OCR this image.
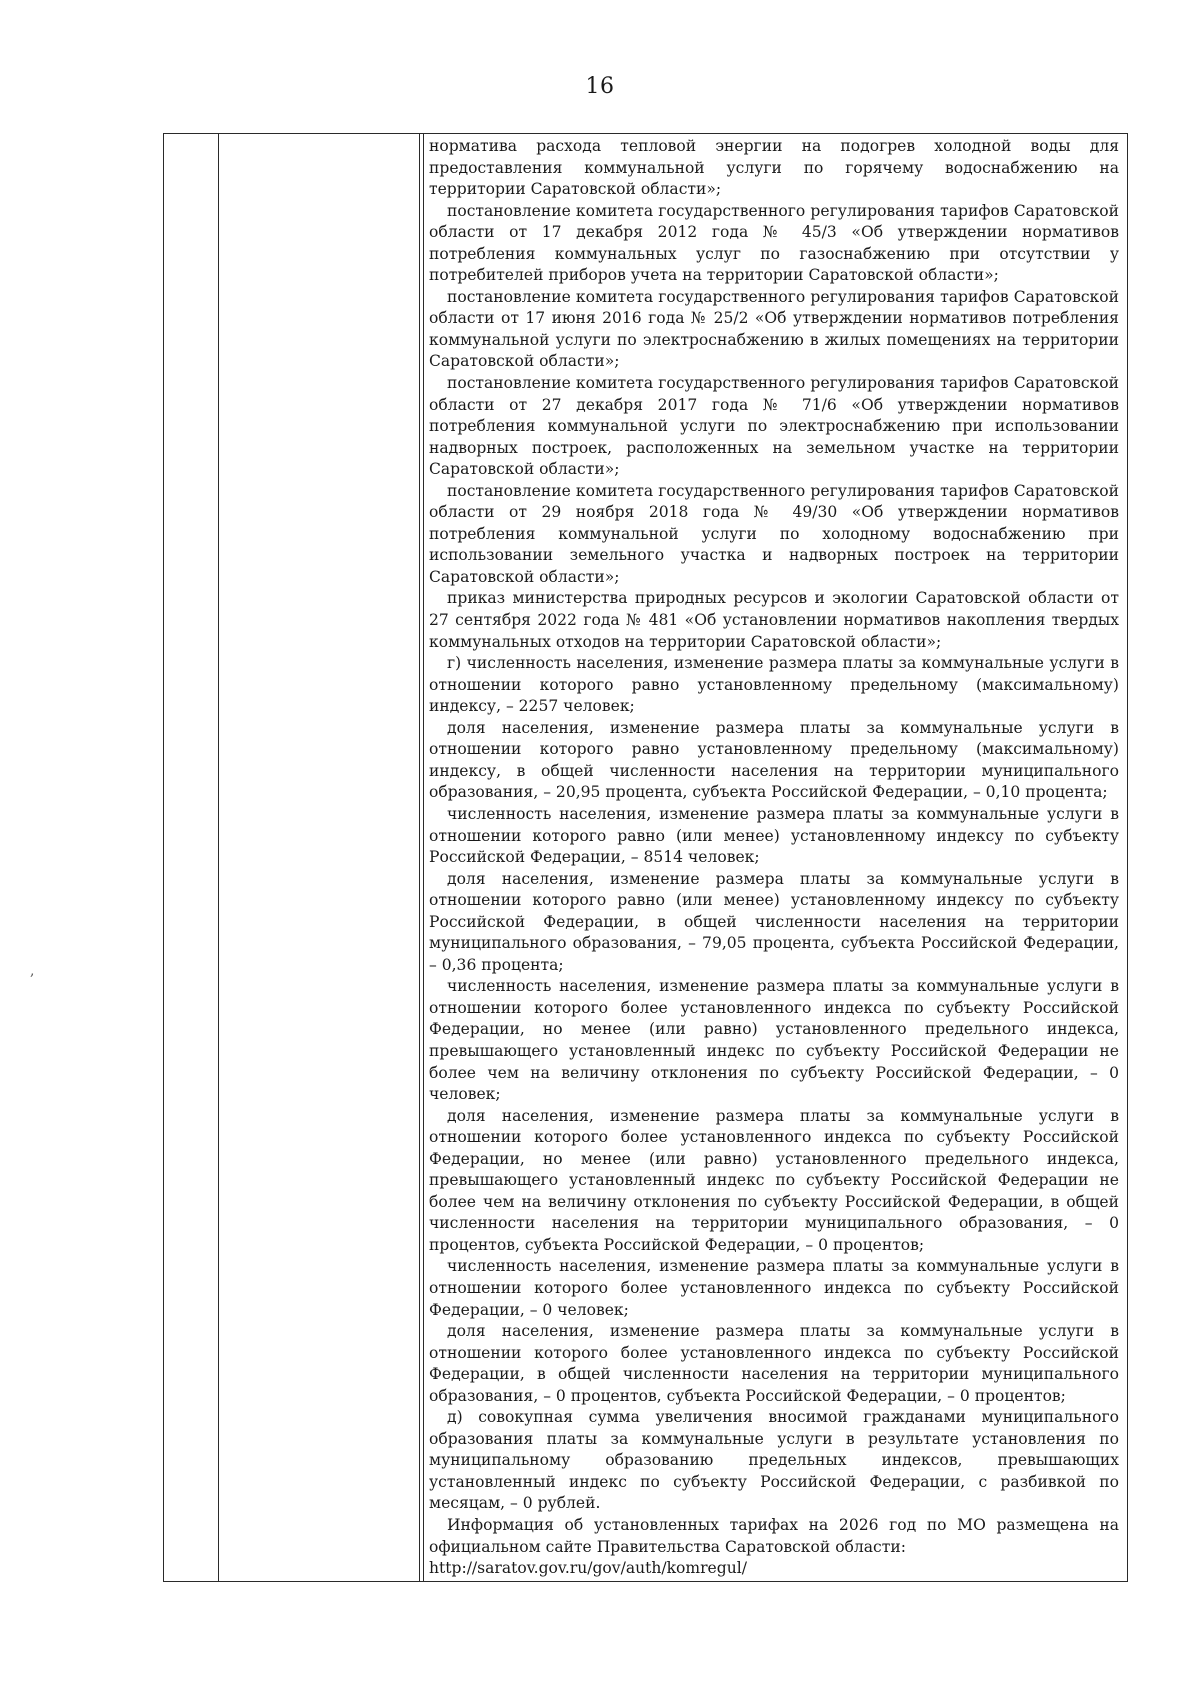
16

норматива расхода тепловой энергии на подогрев холодной воды для предоставления коммунальной услуги по горячему водоснабжению на территории Саратовской области»;

постановление комитета государственного регулирования тарифов Саратовской области от 17 декабря 2012 года № 45/3 «Об утверждении нормативов потребления коммунальных услуг по газоснабжению при отсутствии у потребителей приборов учета на территории Саратовской области»;

постановление комитета государственного регулирования тарифов Саратовской области от 17 июня 2016 года № 25/2 «Об утверждении нормативов потребления коммунальной услуги по электроснабжению в жилых помещениях на территории Саратовской области»;

постановление комитета государственного регулирования тарифов Саратовской области от 27 декабря 2017 года № 71/6 «Об утверждении нормативов потребления коммунальной услуги по электроснабжению при использовании надворных построек, расположенных на земельном участке на территории Саратовской области»;

постановление комитета государственного регулирования тарифов Саратовской области от 29 ноября 2018 года № 49/30 «Об утверждении нормативов потребления коммунальной услуги по холодному водоснабжению при использовании земельного участка и надворных построек на территории Саратовской области»;

приказ министерства природных ресурсов и экологии Саратовской области от 27 сентября 2022 года № 481 «Об установлении нормативов накопления твердых коммунальных отходов на территории Саратовской области»;

г) численность населения, изменение размера платы за коммунальные услуги в отношении которого равно установленному предельному (максимальному) индексу, – 2257 человек;

доля населения, изменение размера платы за коммунальные услуги в отношении которого равно установленному предельному (максимальному) индексу, в общей численности населения на территории муниципального образования, – 20,95 процента, субъекта Российской Федерации, – 0,10 процента;

численность населения, изменение размера платы за коммунальные услуги в отношении которого равно (или менее) установленному индексу по субъекту Российской Федерации, – 8514 человек;

доля населения, изменение размера платы за коммунальные услуги в отношении которого равно (или менее) установленному индексу по субъекту Российской Федерации, в общей численности населения на территории муниципального образования, – 79,05 процента, субъекта Российской Федерации, – 0,36 процента;

численность населения, изменение размера платы за коммунальные услуги в отношении которого более установленного индекса по субъекту Российской Федерации, но менее (или равно) установленного предельного индекса, превышающего установленный индекс по субъекту Российской Федерации не более чем на величину отклонения по субъекту Российской Федерации, – 0 человек;

доля населения, изменение размера платы за коммунальные услуги в отношении которого более установленного индекса по субъекту Российской Федерации, но менее (или равно) установленного предельного индекса, превышающего установленный индекс по субъекту Российской Федерации не более чем на величину отклонения по субъекту Российской Федерации, в общей численности населения на территории муниципального образования, – 0 процентов, субъекта Российской Федерации, – 0 процентов;

численность населения, изменение размера платы за коммунальные услуги в отношении которого более установленного индекса по субъекту Российской Федерации, – 0 человек;

доля населения, изменение размера платы за коммунальные услуги в отношении которого более установленного индекса по субъекту Российской Федерации, в общей численности населения на территории муниципального образования, – 0 процентов, субъекта Российской Федерации, – 0 процентов;

д) совокупная сумма увеличения вносимой гражданами муниципального образования платы за коммунальные услуги в результате установления по муниципальному образованию предельных индексов, превышающих установленный индекс по субъекту Российской Федерации, с разбивкой по месяцам, – 0 рублей.

Информация об установленных тарифах на 2026 год по МО размещена на официальном сайте Правительства Саратовской области:

http://saratov.gov.ru/gov/auth/komregul/

,
